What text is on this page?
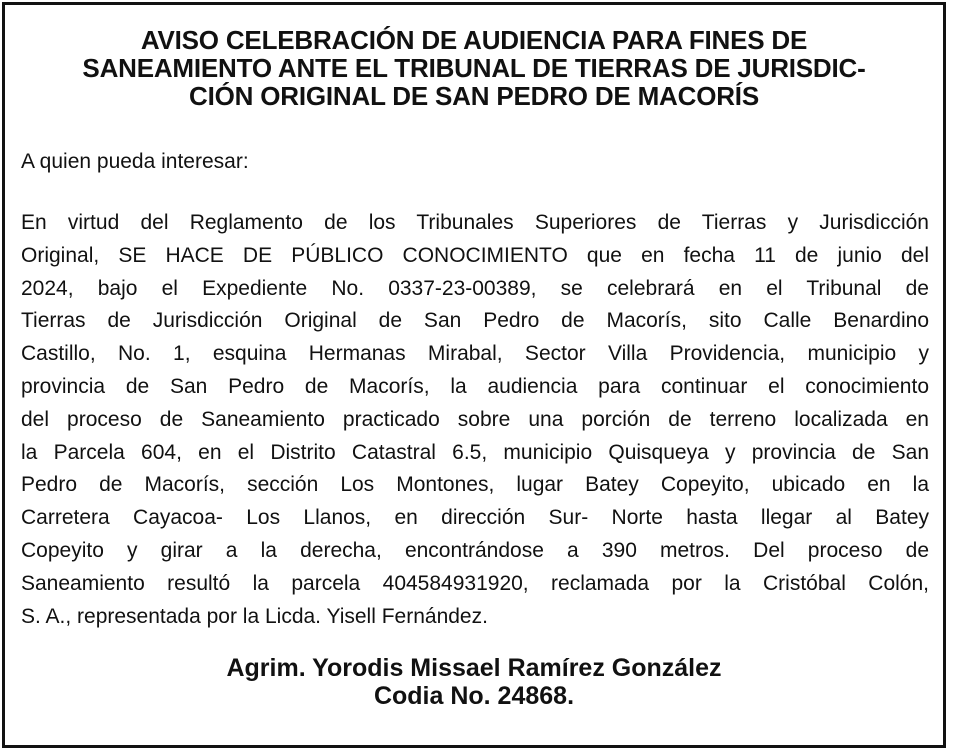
AVISO CELEBRACIÓN DE AUDIENCIA PARA FINES DE
SANEAMIENTO ANTE EL TRIBUNAL DE TIERRAS DE JURISDIC-
CIÓN ORIGINAL DE SAN PEDRO DE MACORÍS

A quien pueda interesar:

En virtud del Reglamento de los Tribunales Superiores de Tierras y Jurisdicción
Original, SE HACE DE PÚBLICO CONOCIMIENTO que en fecha 11 de junio del
2024, bajo el Expediente No. 0337-23-00389, se celebrará en el Tribunal de
Tierras de Jurisdicción Original de San Pedro de Macorís, sito Calle Benardino
Castillo, No. 1, esquina Hermanas Mirabal, Sector Villa Providencia, municipio y
provincia de San Pedro de Macorís, la audiencia para continuar el conocimiento
del proceso de Saneamiento practicado sobre una porción de terreno localizada en
la Parcela 604, en el Distrito Catastral 6.5, municipio Quisqueya y provincia de San
Pedro de Macorís, sección Los Montones, lugar Batey Copeyito, ubicado en la
Carretera Cayacoa- Los Llanos, en dirección Sur- Norte hasta llegar al Batey
Copeyito y girar a la derecha, encontrándose a 390 metros. Del proceso de
Saneamiento resultó la parcela 404584931920, reclamada por la Cristóbal Colón,
S. A., representada por la Licda. Yisell Fernández.

Agrim. Yorodis Missael Ramírez González
Codia No. 24868.
